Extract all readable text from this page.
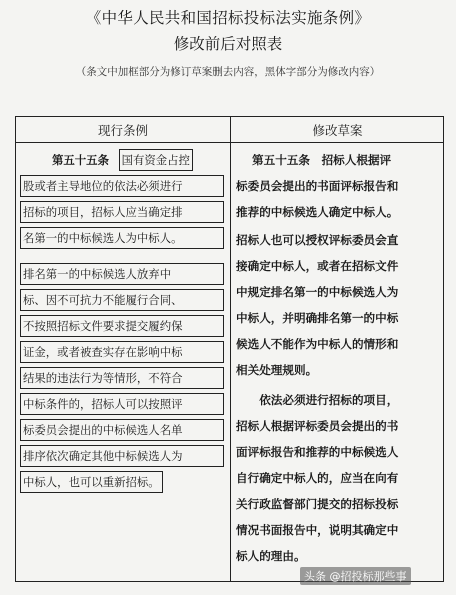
《中华人民共和国招标投标法实施条例》
修改前后对照表
（条文中加框部分为修订草案删去内容，黑体字部分为修改内容）
现行条例	修改草案
第五十五条 国有资金占控
股或者主导地位的依法必须进行
招标的项目，招标人应当确定排
名第一的中标候选人为中标人。
排名第一的中标候选人放弃中
标、因不可抗力不能履行合同、
不按照招标文件要求提交履约保
证金，或者被查实存在影响中标
结果的违法行为等情形，不符合
中标条件的，招标人可以按照评
标委员会提出的中标候选人名单
排序依次确定其他中标候选人为
中标人，也可以重新招标。
第五十五条　招标人根据评
标委员会提出的书面评标报告和
推荐的中标候选人确定中标人。
招标人也可以授权评标委员会直
接确定中标人，或者在招标文件
中规定排名第一的中标候选人为
中标人，并明确排名第一的中标
候选人不能作为中标人的情形和
相关处理规则。
　　依法必须进行招标的项目，
招标人根据评标委员会提出的书
面评标报告和推荐的中标候选人
自行确定中标人的，应当在向有
关行政监督部门提交的招标投标
情况书面报告中，说明其确定中
标人的理由。
头条 @招投标那些事
